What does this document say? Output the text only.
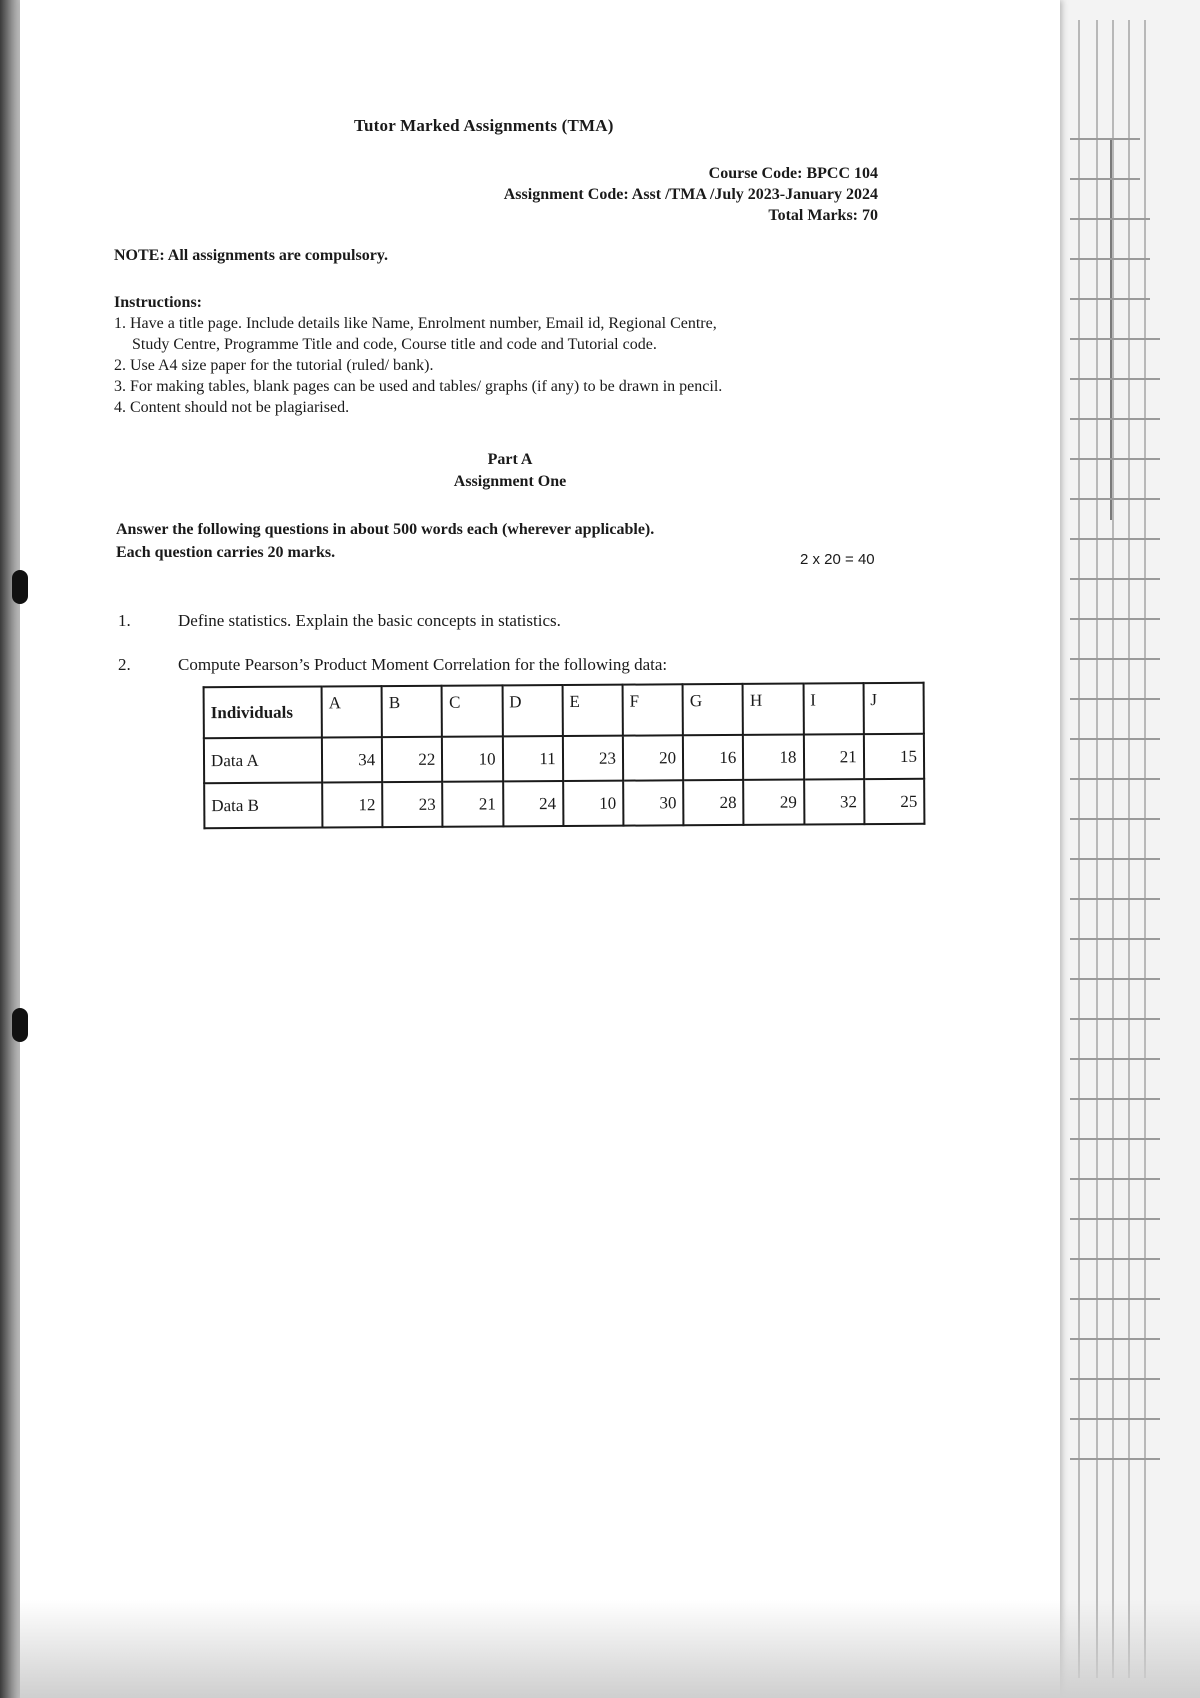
Tutor Marked Assignments (TMA)
Course Code: BPCC 104
Assignment Code: Asst /TMA /July 2023-January 2024
Total Marks: 70
NOTE: All assignments are compulsory.
Instructions:
1. Have a title page. Include details like Name, Enrolment number, Email id, Regional Centre,
Study Centre, Programme Title and code, Course title and code and Tutorial code.
2. Use A4 size paper for the tutorial (ruled/ bank).
3. For making tables, blank pages can be used and tables/ graphs (if any) to be drawn in pencil.
4. Content should not be plagiarised.
Part A
Assignment One
Answer the following questions in about 500 words each (wherever applicable).
Each question carries 20 marks.	2 x 20 = 40
1.	Define statistics. Explain the basic concepts in statistics.
2.	Compute Pearson’s Product Moment Correlation for the following data:
Individuals	A	B	C	D	E	F	G	H	I	J
Data A	34	22	10	11	23	20	16	18	21	15
Data B	12	23	21	24	10	30	28	29	32	25
